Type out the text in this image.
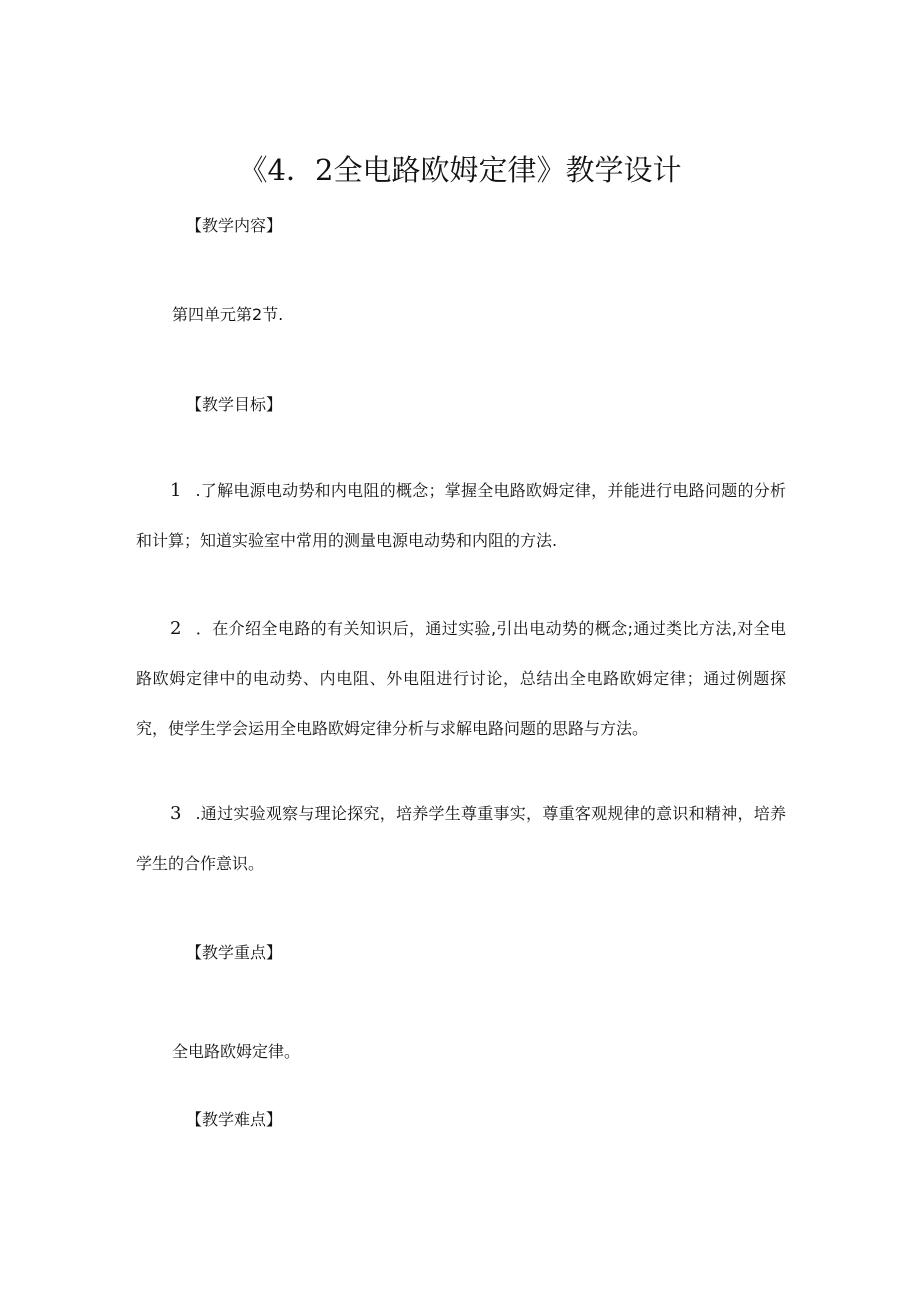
《4．2全电路欧姆定律》教学设计
【教学内容】
第四单元第2节.
【教学目标】
1 .了解电源电动势和内电阻的概念；掌握全电路欧姆定律，并能进行电路问题的分析和计算；知道实验室中常用的测量电源电动势和内阻的方法.
2 ．在介绍全电路的有关知识后，通过实验,引出电动势的概念;通过类比方法,对全电路欧姆定律中的电动势、内电阻、外电阻进行讨论，总结出全电路欧姆定律；通过例题探究，使学生学会运用全电路欧姆定律分析与求解电路问题的思路与方法。
3 .通过实验观察与理论探究，培养学生尊重事实，尊重客观规律的意识和精神，培养学生的合作意识。
【教学重点】
全电路欧姆定律。
【教学难点】
